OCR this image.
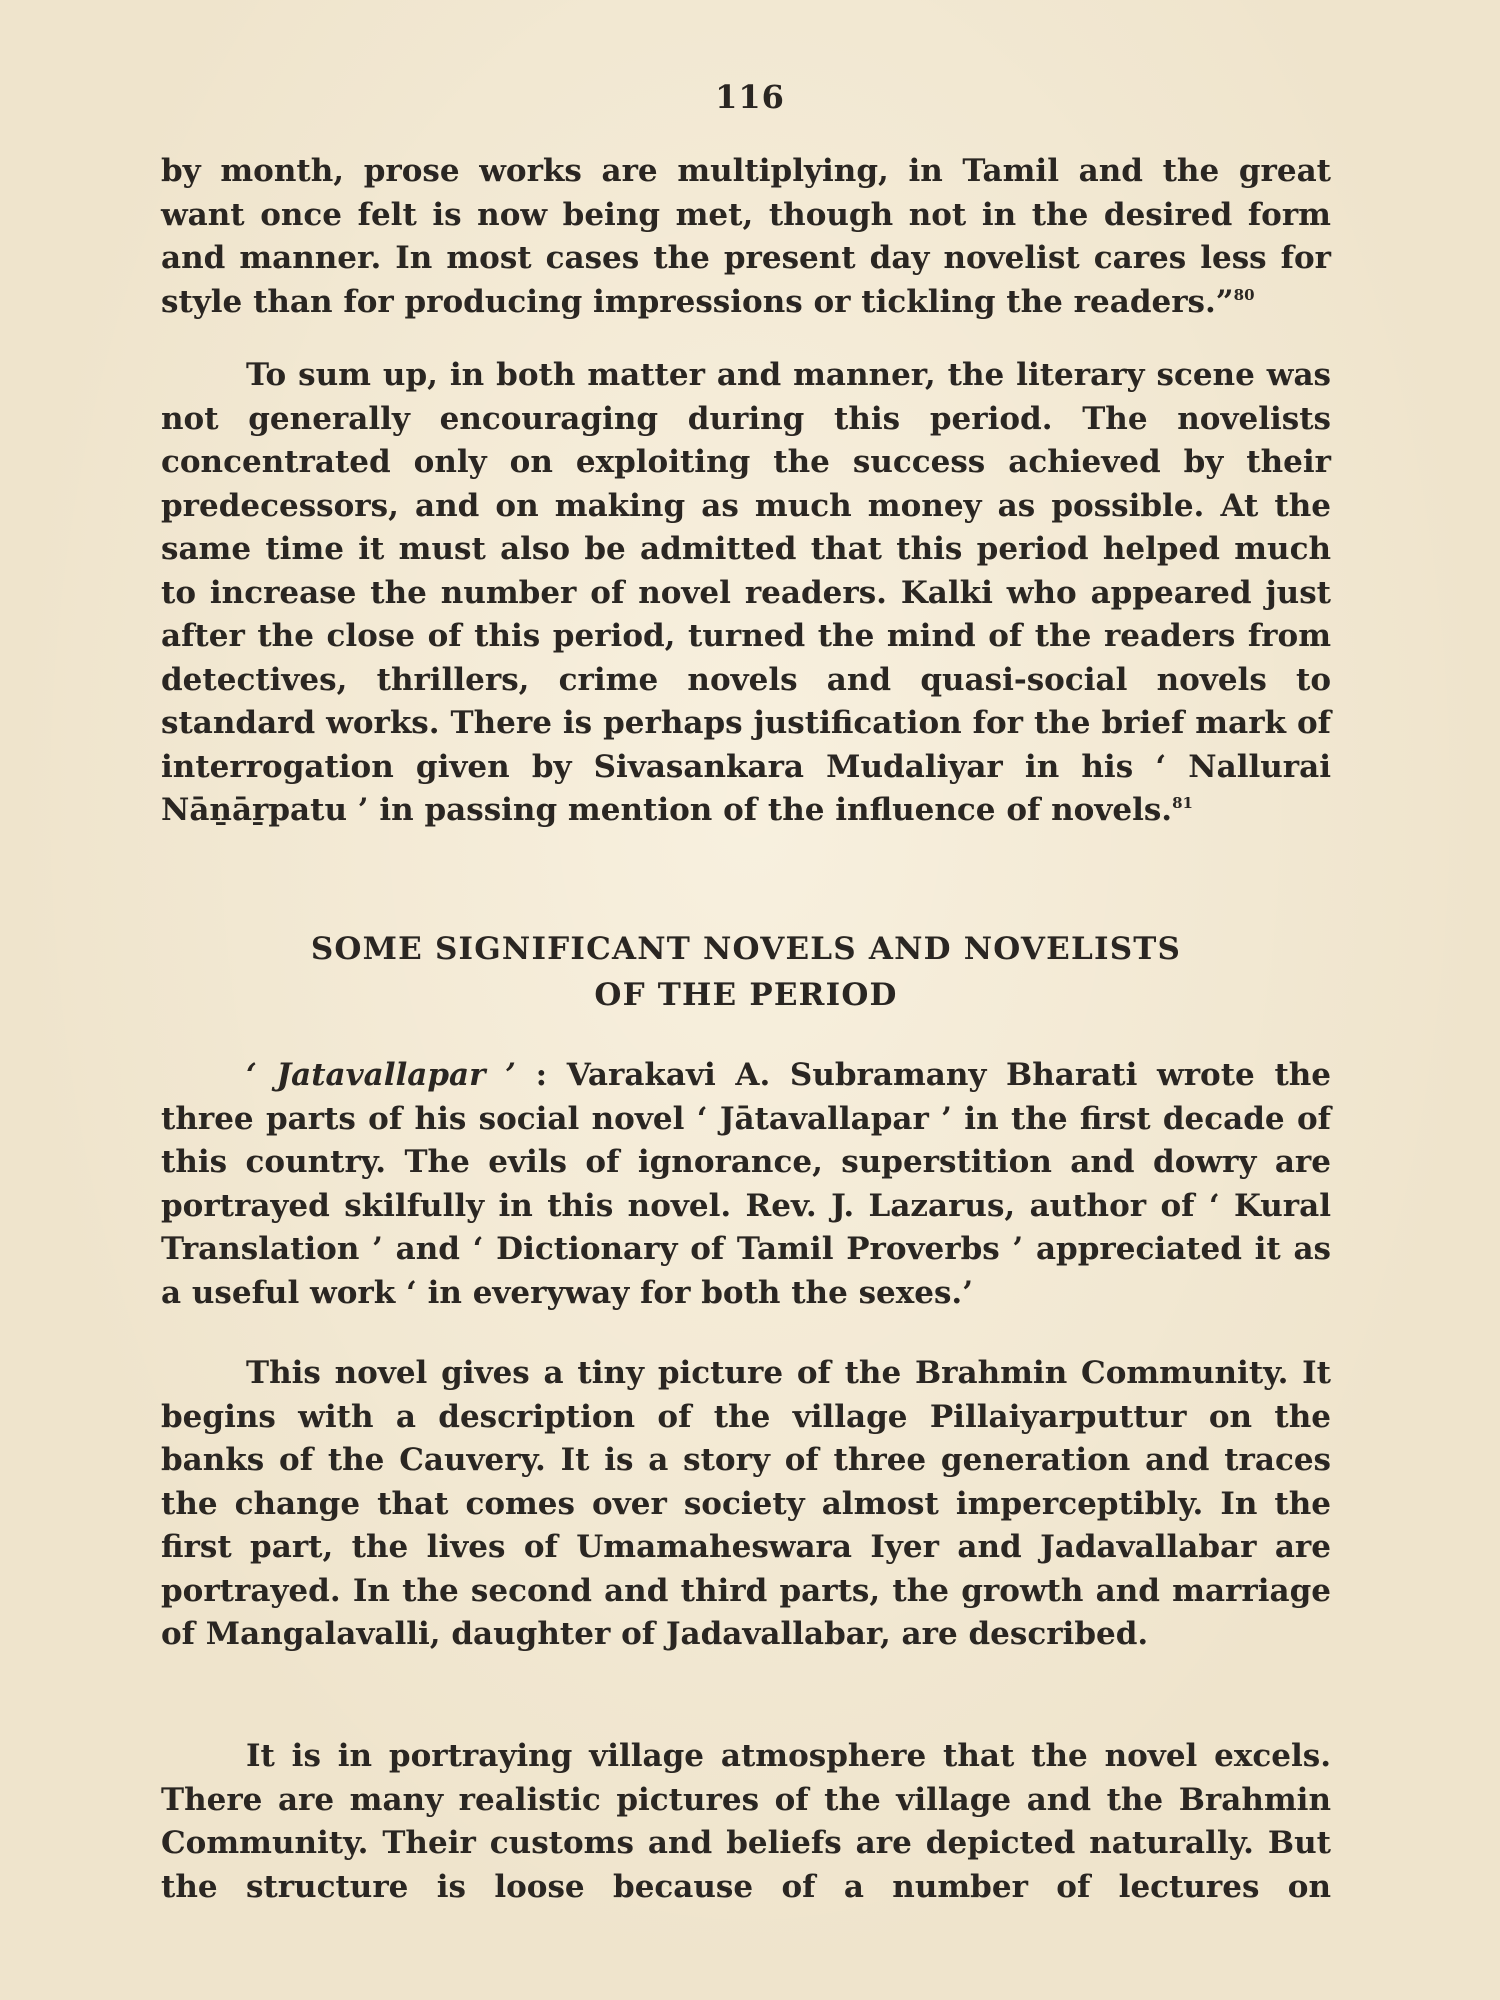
116

by month, prose works are multiplying, in Tamil and the great want once felt is now being met, though not in the desired form and manner. In most cases the present day novelist cares less for style than for producing impressions or tickling the readers.”$^{80}$

To sum up, in both matter and manner, the literary scene was not generally encouraging during this period. The novelists concentrated only on exploiting the success achieved by their predecessors, and on making as much money as possible. At the same time it must also be admitted that this period helped much to increase the number of novel readers. Kalki who appeared just after the close of this period, turned the mind of the readers from detectives, thrillers, crime novels and quasi-social novels to standard works. There is perhaps justification for the brief mark of interrogation given by Sivasankara Mudaliyar in his ‘ Nallurai Nāṉāṟpatu ’ in passing mention of the influence of novels.$^{81}$

SOME SIGNIFICANT NOVELS AND NOVELISTS

OF THE PERIOD

‘ Jatavallapar ’ : Varakavi A. Subramany Bharati wrote the three parts of his social novel ‘ Jātavallapar ’ in the first decade of this country. The evils of ignorance, superstition and dowry are portrayed skilfully in this novel. Rev. J. Lazarus, author of ‘ Kural Translation ’ and ‘ Dictionary of Tamil Proverbs ’ appreciated it as a useful work ‘ in everyway for both the sexes.’

This novel gives a tiny picture of the Brahmin Community. It begins with a description of the village Pillaiyarputtur on the banks of the Cauvery. It is a story of three generation and traces the change that comes over society almost imperceptibly. In the first part, the lives of Umamaheswara Iyer and Jadavallabar are portrayed. In the second and third parts, the growth and marriage of Mangalavalli, daughter of Jadavallabar, are described.

It is in portraying village atmosphere that the novel excels. There are many realistic pictures of the village and the Brahmin Community. Their customs and beliefs are depicted naturally. But the structure is loose because of a number of lectures on
